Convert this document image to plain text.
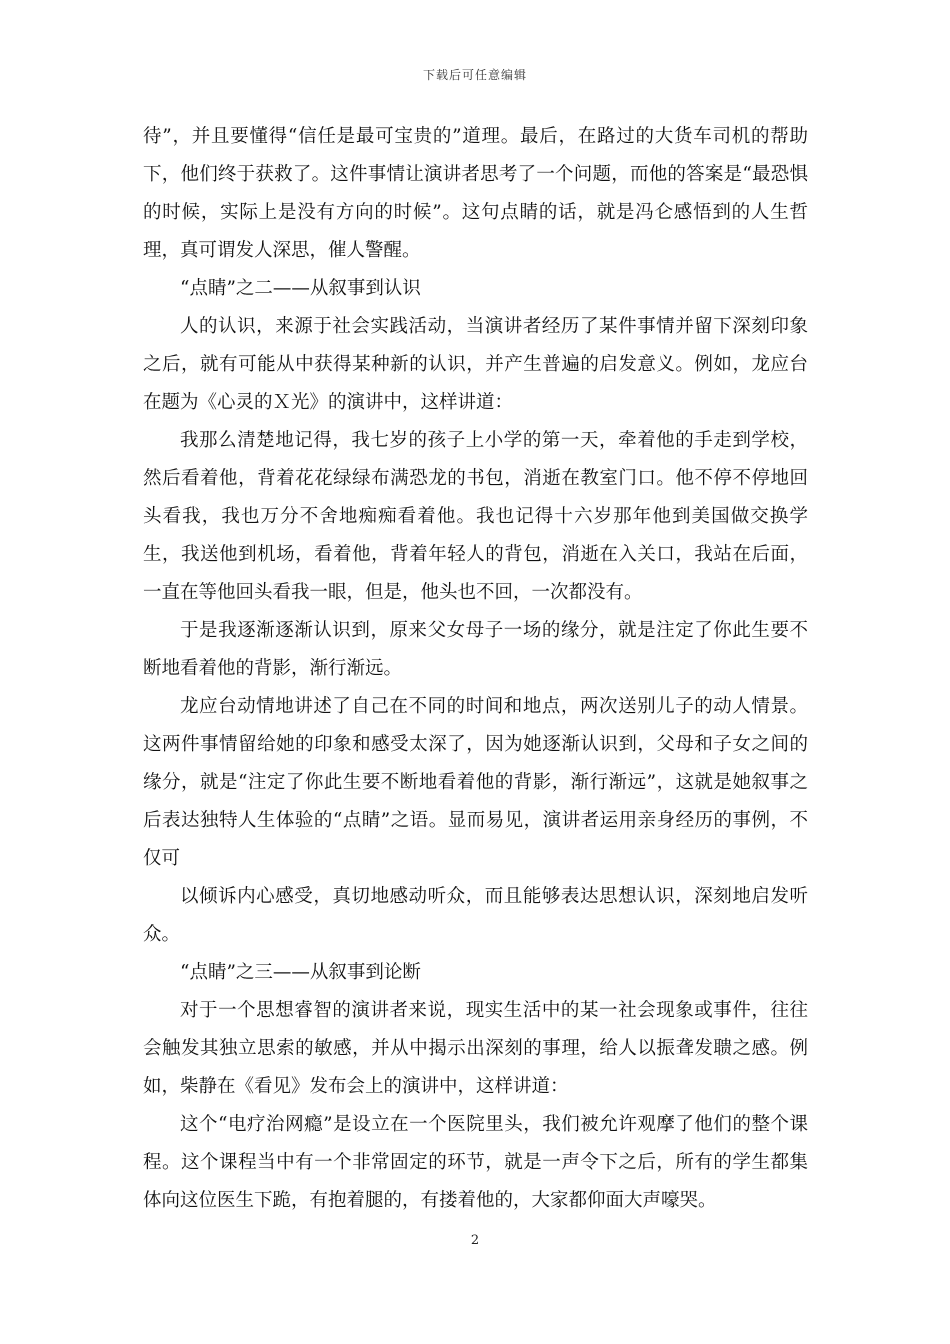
下载后可任意编辑

待”，并且要懂得“信任是最可宝贵的”道理。最后，在路过的大货车司机的帮助下，他们终于获救了。这件事情让演讲者思考了一个问题，而他的答案是“最恐惧的时候，实际上是没有方向的时候”。这句点睛的话，就是冯仑感悟到的人生哲理，真可谓发人深思，催人警醒。

“点睛”之二——从叙事到认识

人的认识，来源于社会实践活动，当演讲者经历了某件事情并留下深刻印象之后，就有可能从中获得某种新的认识，并产生普遍的启发意义。例如，龙应台在题为《心灵的Ｘ光》的演讲中，这样讲道：

我那么清楚地记得，我七岁的孩子上小学的第一天，牵着他的手走到学校，然后看着他，背着花花绿绿布满恐龙的书包，消逝在教室门口。他不停不停地回头看我，我也万分不舍地痴痴看着他。我也记得十六岁那年他到美国做交换学生，我送他到机场，看着他，背着年轻人的背包，消逝在入关口，我站在后面，一直在等他回头看我一眼，但是，他头也不回，一次都没有。

于是我逐渐逐渐认识到，原来父女母子一场的缘分，就是注定了你此生要不断地看着他的背影，渐行渐远。

龙应台动情地讲述了自己在不同的时间和地点，两次送别儿子的动人情景。这两件事情留给她的印象和感受太深了，因为她逐渐认识到，父母和子女之间的缘分，就是“注定了你此生要不断地看着他的背影，渐行渐远”，这就是她叙事之后表达独特人生体验的“点睛”之语。显而易见，演讲者运用亲身经历的事例，不仅可

以倾诉内心感受，真切地感动听众，而且能够表达思想认识，深刻地启发听众。

“点睛”之三——从叙事到论断

对于一个思想睿智的演讲者来说，现实生活中的某一社会现象或事件，往往会触发其独立思索的敏感，并从中揭示出深刻的事理，给人以振聋发聩之感。例如，柴静在《看见》发布会上的演讲中，这样讲道：

这个“电疗治网瘾”是设立在一个医院里头，我们被允许观摩了他们的整个课程。这个课程当中有一个非常固定的环节，就是一声令下之后，所有的学生都集体向这位医生下跪，有抱着腿的，有搂着他的，大家都仰面大声嚎哭。

2
